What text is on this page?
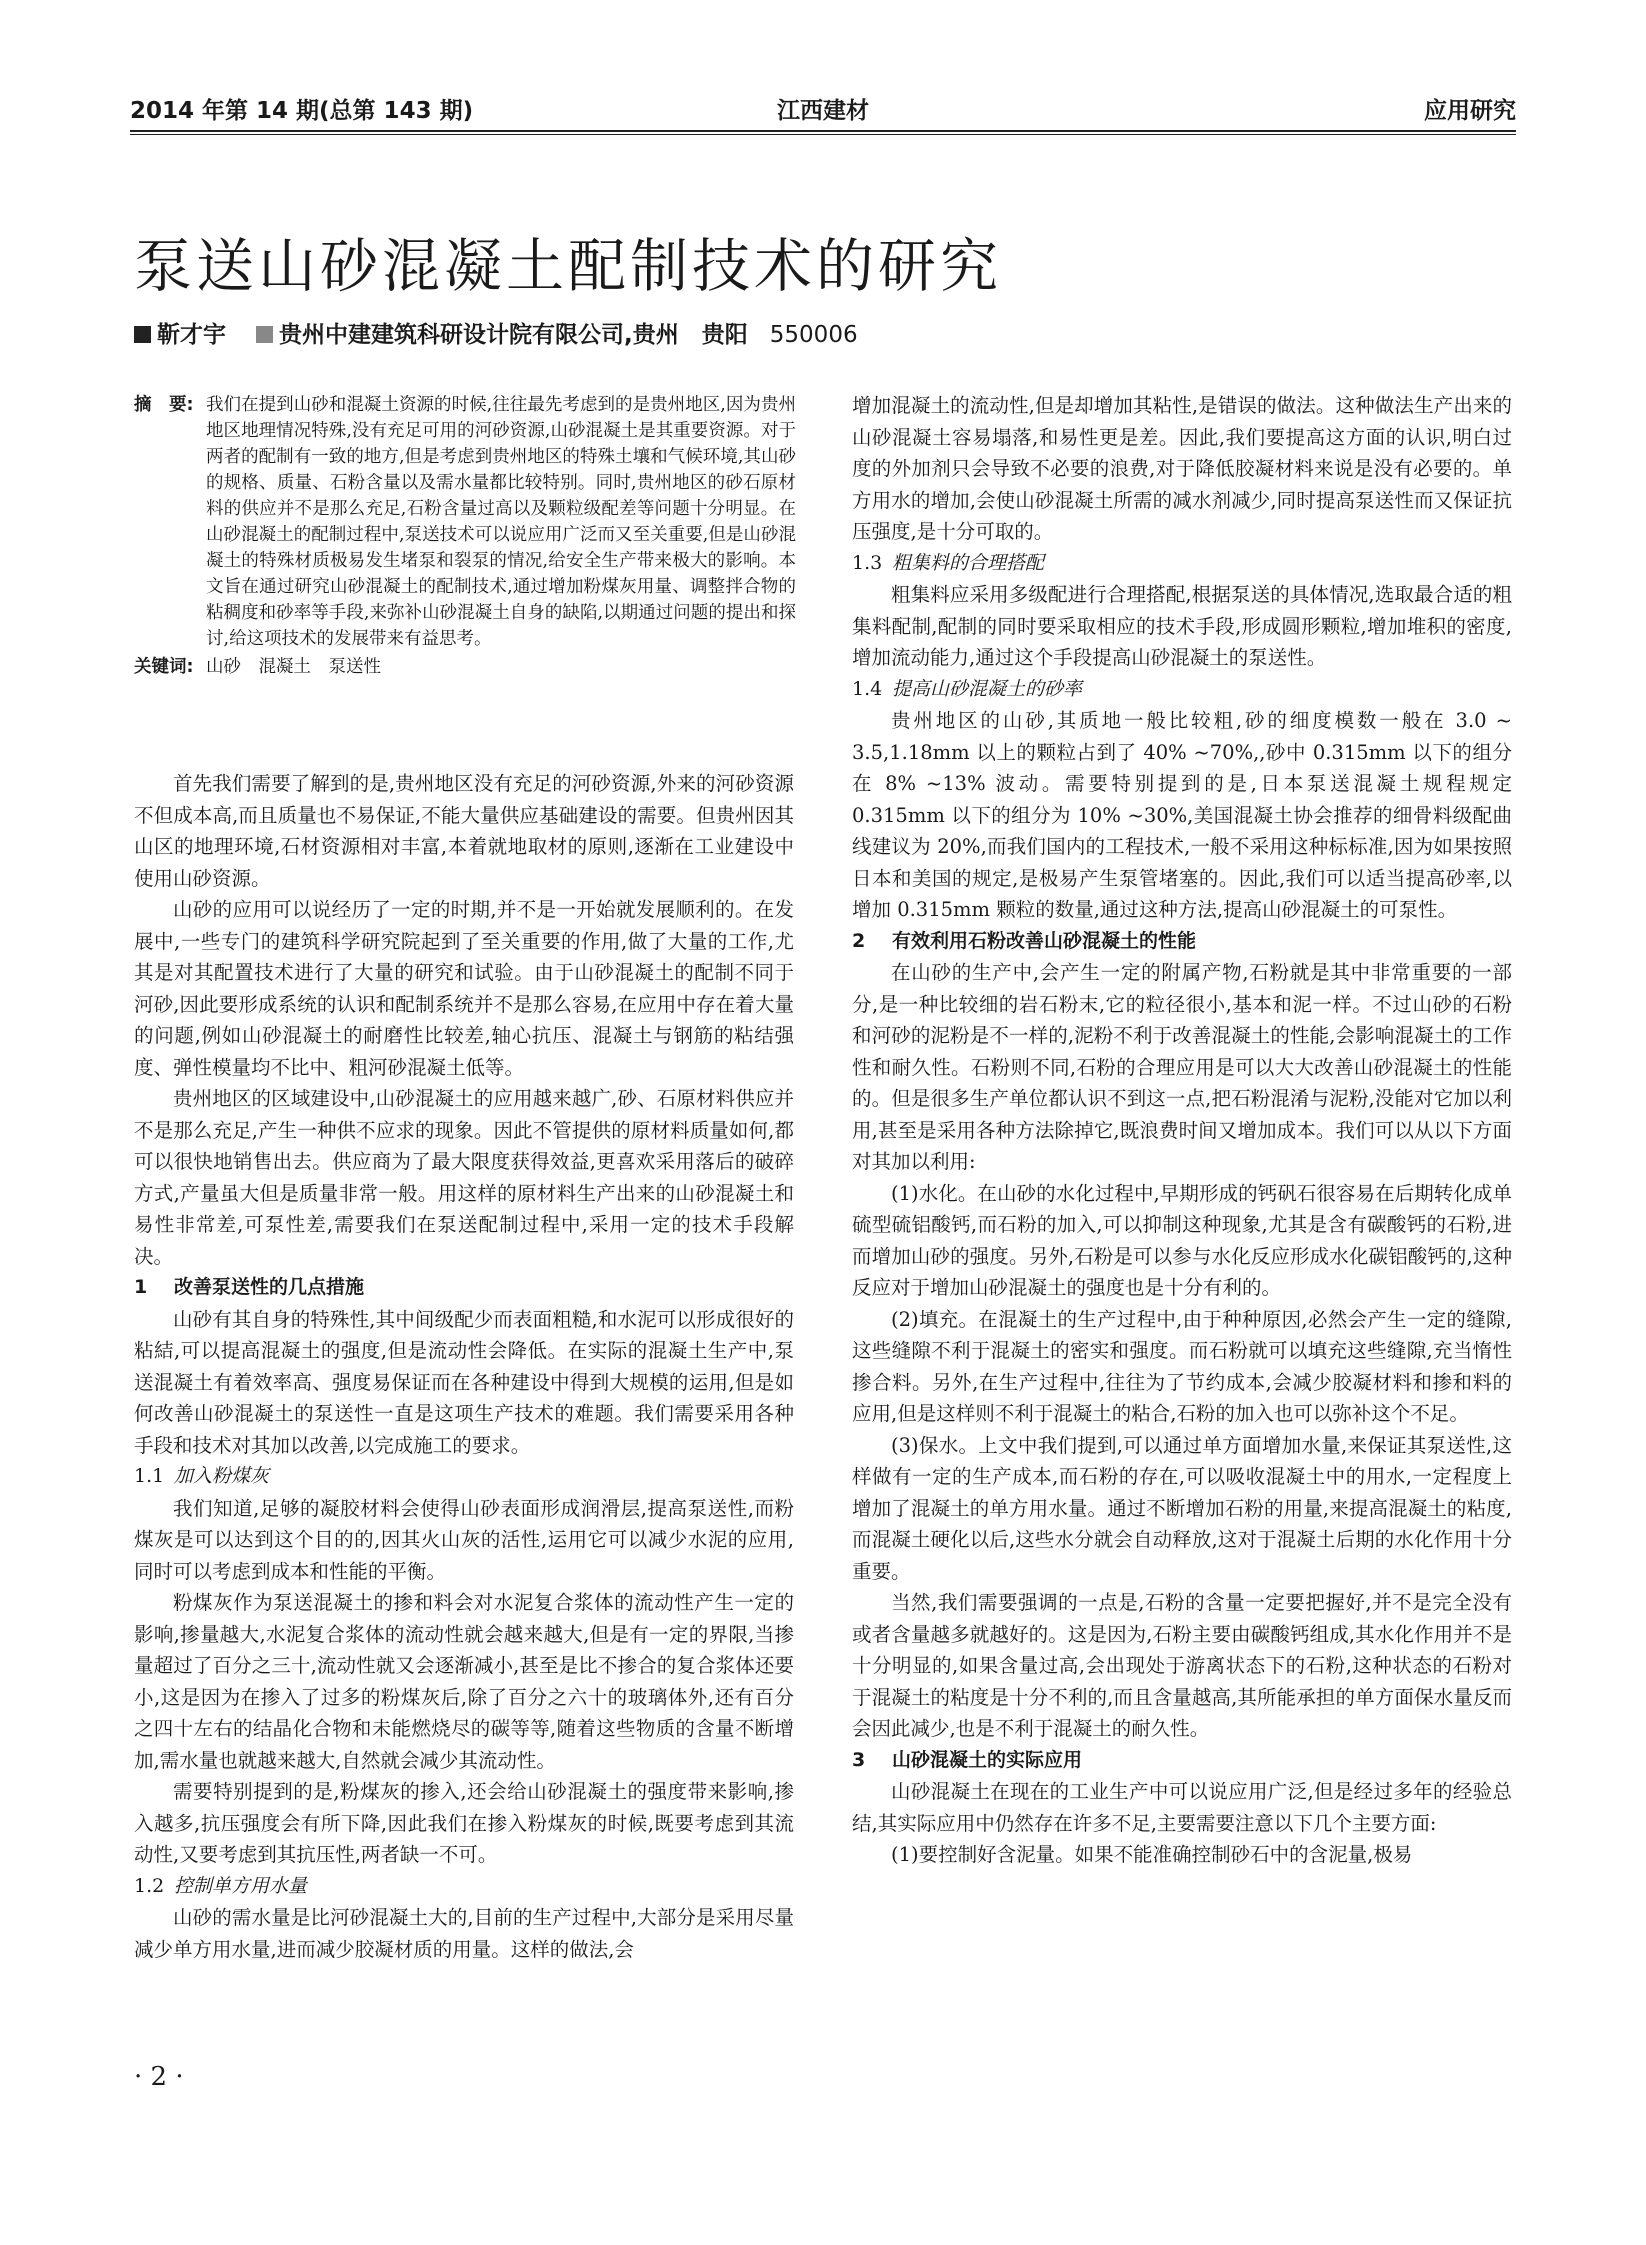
2014 年第 14 期(总第 143 期)	江西建材	应用研究
泵送山砂混凝土配制技术的研究
靳才宇 贵州中建建筑科研设计院有限公司,贵州　贵阳 550006
摘　要: 我们在提到山砂和混凝土资源的时候,往往最先考虑到的是贵州地区,因为贵州地区地理情况特殊,没有充足可用的河砂资源,山砂混凝土是其重要资源。对于两者的配制有一致的地方,但是考虑到贵州地区的特殊土壤和气候环境,其山砂的规格、质量、石粉含量以及需水量都比较特别。同时,贵州地区的砂石原材料的供应并不是那么充足,石粉含量过高以及颗粒级配差等问题十分明显。在山砂混凝土的配制过程中,泵送技术可以说应用广泛而又至关重要,但是山砂混凝土的特殊材质极易发生堵泵和裂泵的情况,给安全生产带来极大的影响。本文旨在通过研究山砂混凝土的配制技术,通过增加粉煤灰用量、调整拌合物的粘稠度和砂率等手段,来弥补山砂混凝土自身的缺陷,以期通过问题的提出和探讨,给这项技术的发展带来有益思考。
关键词: 山砂　混凝土　泵送性

首先我们需要了解到的是,贵州地区没有充足的河砂资源,外来的河砂资源不但成本高,而且质量也不易保证,不能大量供应基础建设的需要。但贵州因其山区的地理环境,石材资源相对丰富,本着就地取材的原则,逐渐在工业建设中使用山砂资源。

山砂的应用可以说经历了一定的时期,并不是一开始就发展顺利的。在发展中,一些专门的建筑科学研究院起到了至关重要的作用,做了大量的工作,尤其是对其配置技术进行了大量的研究和试验。由于山砂混凝土的配制不同于河砂,因此要形成系统的认识和配制系统并不是那么容易,在应用中存在着大量的问题,例如山砂混凝土的耐磨性比较差,轴心抗压、混凝土与钢筋的粘结强度、弹性模量均不比中、粗河砂混凝土低等。

贵州地区的区域建设中,山砂混凝土的应用越来越广,砂、石原材料供应并不是那么充足,产生一种供不应求的现象。因此不管提供的原材料质量如何,都可以很快地销售出去。供应商为了最大限度获得效益,更喜欢采用落后的破碎方式,产量虽大但是质量非常一般。用这样的原材料生产出来的山砂混凝土和易性非常差,可泵性差,需要我们在泵送配制过程中,采用一定的技术手段解决。

1 改善泵送性的几点措施

山砂有其自身的特殊性,其中间级配少而表面粗糙,和水泥可以形成很好的粘結,可以提高混凝土的强度,但是流动性会降低。在实际的混凝土生产中,泵送混凝土有着效率高、强度易保证而在各种建设中得到大规模的运用,但是如何改善山砂混凝土的泵送性一直是这项生产技术的难题。我们需要采用各种手段和技术对其加以改善,以完成施工的要求。

1.1 加入粉煤灰

我们知道,足够的凝胶材料会使得山砂表面形成润滑层,提高泵送性,而粉煤灰是可以达到这个目的的,因其火山灰的活性,运用它可以减少水泥的应用,同时可以考虑到成本和性能的平衡。

粉煤灰作为泵送混凝土的掺和料会对水泥复合浆体的流动性产生一定的影响,掺量越大,水泥复合浆体的流动性就会越来越大,但是有一定的界限,当掺量超过了百分之三十,流动性就又会逐渐减小,甚至是比不掺合的复合浆体还要小,这是因为在掺入了过多的粉煤灰后,除了百分之六十的玻璃体外,还有百分之四十左右的结晶化合物和未能燃烧尽的碳等等,随着这些物质的含量不断增加,需水量也就越来越大,自然就会减少其流动性。

需要特别提到的是,粉煤灰的掺入,还会给山砂混凝土的强度带来影响,掺入越多,抗压强度会有所下降,因此我们在掺入粉煤灰的时候,既要考虑到其流动性,又要考虑到其抗压性,两者缺一不可。

1.2 控制单方用水量

山砂的需水量是比河砂混凝土大的,目前的生产过程中,大部分是采用尽量减少单方用水量,进而减少胶凝材质的用量。这样的做法,会

增加混凝土的流动性,但是却增加其粘性,是错误的做法。这种做法生产出来的山砂混凝土容易塌落,和易性更是差。因此,我们要提高这方面的认识,明白过度的外加剂只会导致不必要的浪费,对于降低胶凝材料来说是没有必要的。单方用水的增加,会使山砂混凝土所需的减水剂减少,同时提高泵送性而又保证抗压强度,是十分可取的。

1.3 粗集料的合理搭配

粗集料应采用多级配进行合理搭配,根据泵送的具体情况,选取最合适的粗集料配制,配制的同时要采取相应的技术手段,形成圆形颗粒,增加堆积的密度,增加流动能力,通过这个手段提高山砂混凝土的泵送性。

1.4 提高山砂混凝土的砂率

贵州地区的山砂,其质地一般比较粗,砂的细度模数一般在 3.0 ~ 3.5,1.18mm 以上的颗粒占到了 40% ~70%,,砂中 0.315mm 以下的组分在 8% ~13% 波动。需要特别提到的是,日本泵送混凝土规程规定 0.315mm 以下的组分为 10% ~30%,美国混凝土协会推荐的细骨料级配曲线建议为 20%,而我们国内的工程技术,一般不采用这种标标准,因为如果按照日本和美国的规定,是极易产生泵管堵塞的。因此,我们可以适当提高砂率,以增加 0.315mm 颗粒的数量,通过这种方法,提高山砂混凝土的可泵性。

2 有效利用石粉改善山砂混凝土的性能

在山砂的生产中,会产生一定的附属产物,石粉就是其中非常重要的一部分,是一种比较细的岩石粉末,它的粒径很小,基本和泥一样。不过山砂的石粉和河砂的泥粉是不一样的,泥粉不利于改善混凝土的性能,会影响混凝土的工作性和耐久性。石粉则不同,石粉的合理应用是可以大大改善山砂混凝土的性能的。但是很多生产单位都认识不到这一点,把石粉混淆与泥粉,没能对它加以利用,甚至是采用各种方法除掉它,既浪费时间又增加成本。我们可以从以下方面对其加以利用:

(1)水化。在山砂的水化过程中,早期形成的钙矾石很容易在后期转化成单硫型硫铝酸钙,而石粉的加入,可以抑制这种现象,尤其是含有碳酸钙的石粉,进而增加山砂的强度。另外,石粉是可以参与水化反应形成水化碳铝酸钙的,这种反应对于增加山砂混凝土的强度也是十分有利的。

(2)填充。在混凝土的生产过程中,由于种种原因,必然会产生一定的缝隙,这些缝隙不利于混凝土的密实和强度。而石粉就可以填充这些缝隙,充当惰性掺合料。另外,在生产过程中,往往为了节约成本,会减少胶凝材料和掺和料的应用,但是这样则不利于混凝土的粘合,石粉的加入也可以弥补这个不足。

(3)保水。上文中我们提到,可以通过单方面增加水量,来保证其泵送性,这样做有一定的生产成本,而石粉的存在,可以吸收混凝土中的用水,一定程度上增加了混凝土的单方用水量。通过不断增加石粉的用量,来提高混凝土的粘度,而混凝土硬化以后,这些水分就会自动释放,这对于混凝土后期的水化作用十分重要。

当然,我们需要强调的一点是,石粉的含量一定要把握好,并不是完全没有或者含量越多就越好的。这是因为,石粉主要由碳酸钙组成,其水化作用并不是十分明显的,如果含量过高,会出现处于游离状态下的石粉,这种状态的石粉对于混凝土的粘度是十分不利的,而且含量越高,其所能承担的单方面保水量反而会因此减少,也是不利于混凝土的耐久性。

3 山砂混凝土的实际应用

山砂混凝土在现在的工业生产中可以说应用广泛,但是经过多年的经验总结,其实际应用中仍然存在许多不足,主要需要注意以下几个主要方面:

(1)要控制好含泥量。如果不能准确控制砂石中的含泥量,极易

· 2 ·
